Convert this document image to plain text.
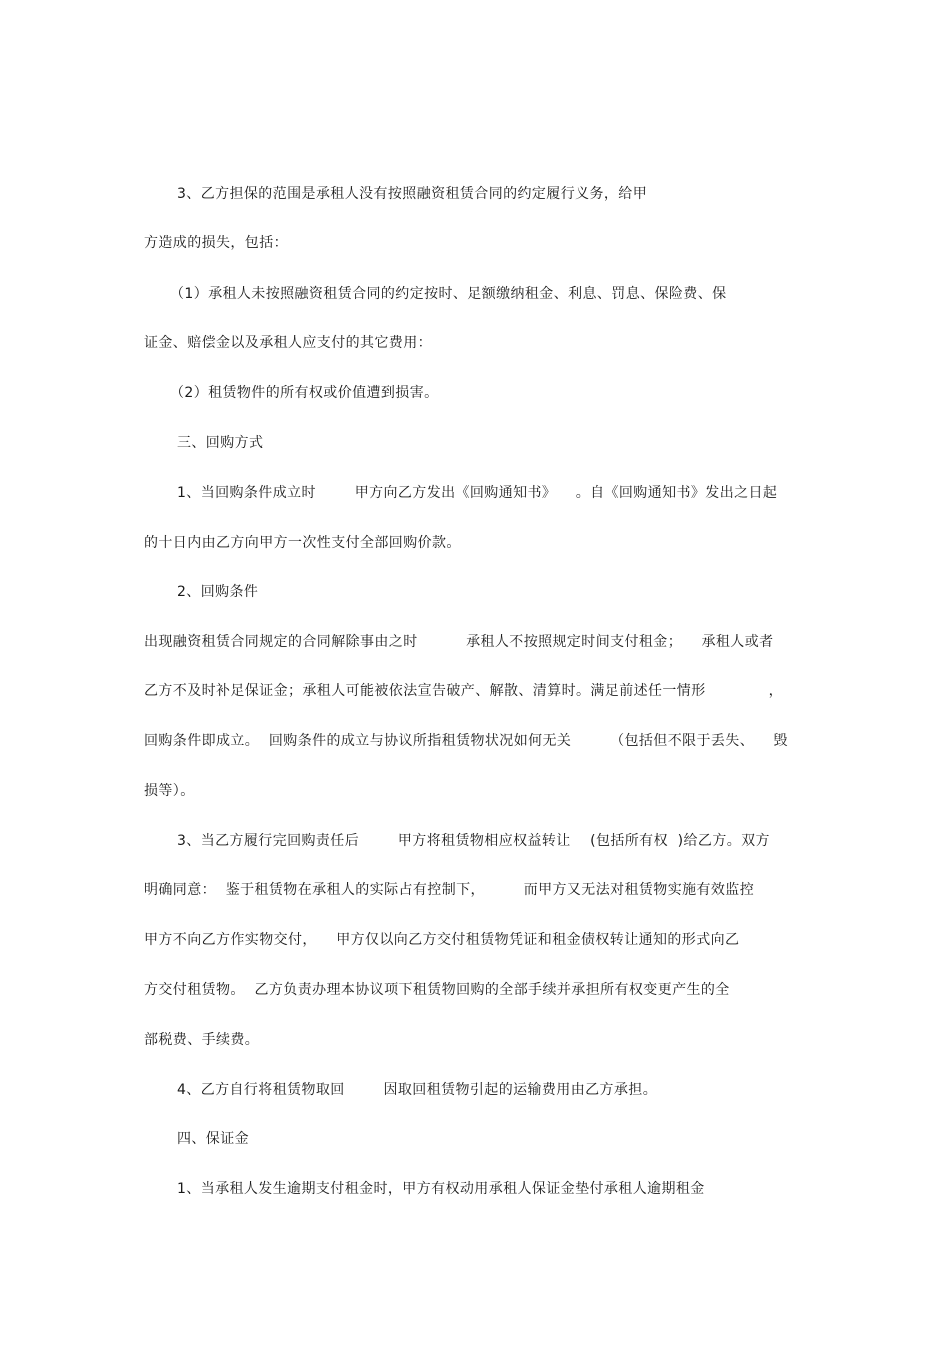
3、乙方担保的范围是承租人没有按照融资租赁合同的约定履行义务，给甲

方造成的损失，包括：

（1）承租人未按照融资租赁合同的约定按时、足额缴纳租金、利息、罚息、保险费、保

证金、赔偿金以及承租人应支付的其它费用：

（2）租赁物件的所有权或价值遭到损害。

三、回购方式

1、当回购条件成立时        甲方向乙方发出《回购通知书》    。自《回购通知书》发出之日起

的十日内由乙方向甲方一次性支付全部回购价款。

2、回购条件

出现融资租赁合同规定的合同解除事由之时          承租人不按照规定时间支付租金；    承租人或者

乙方不及时补足保证金；承租人可能被依法宣告破产、解散、清算时。满足前述任一情形             ，

回购条件即成立。  回购条件的成立与协议所指租赁物状况如何无关        （包括但不限于丢失、    毁

损等）。

3、当乙方履行完回购责任后        甲方将租赁物相应权益转让    (包括所有权  )给乙方。双方

明确同意：  鉴于租赁物在承租人的实际占有控制下，        而甲方又无法对租赁物实施有效监控

甲方不向乙方作实物交付，    甲方仅以向乙方交付租赁物凭证和租金债权转让通知的形式向乙

方交付租赁物。  乙方负责办理本协议项下租赁物回购的全部手续并承担所有权变更产生的全

部税费、手续费。

4、乙方自行将租赁物取回        因取回租赁物引起的运输费用由乙方承担。

四、保证金

1、当承租人发生逾期支付租金时，甲方有权动用承租人保证金垫付承租人逾期租金
